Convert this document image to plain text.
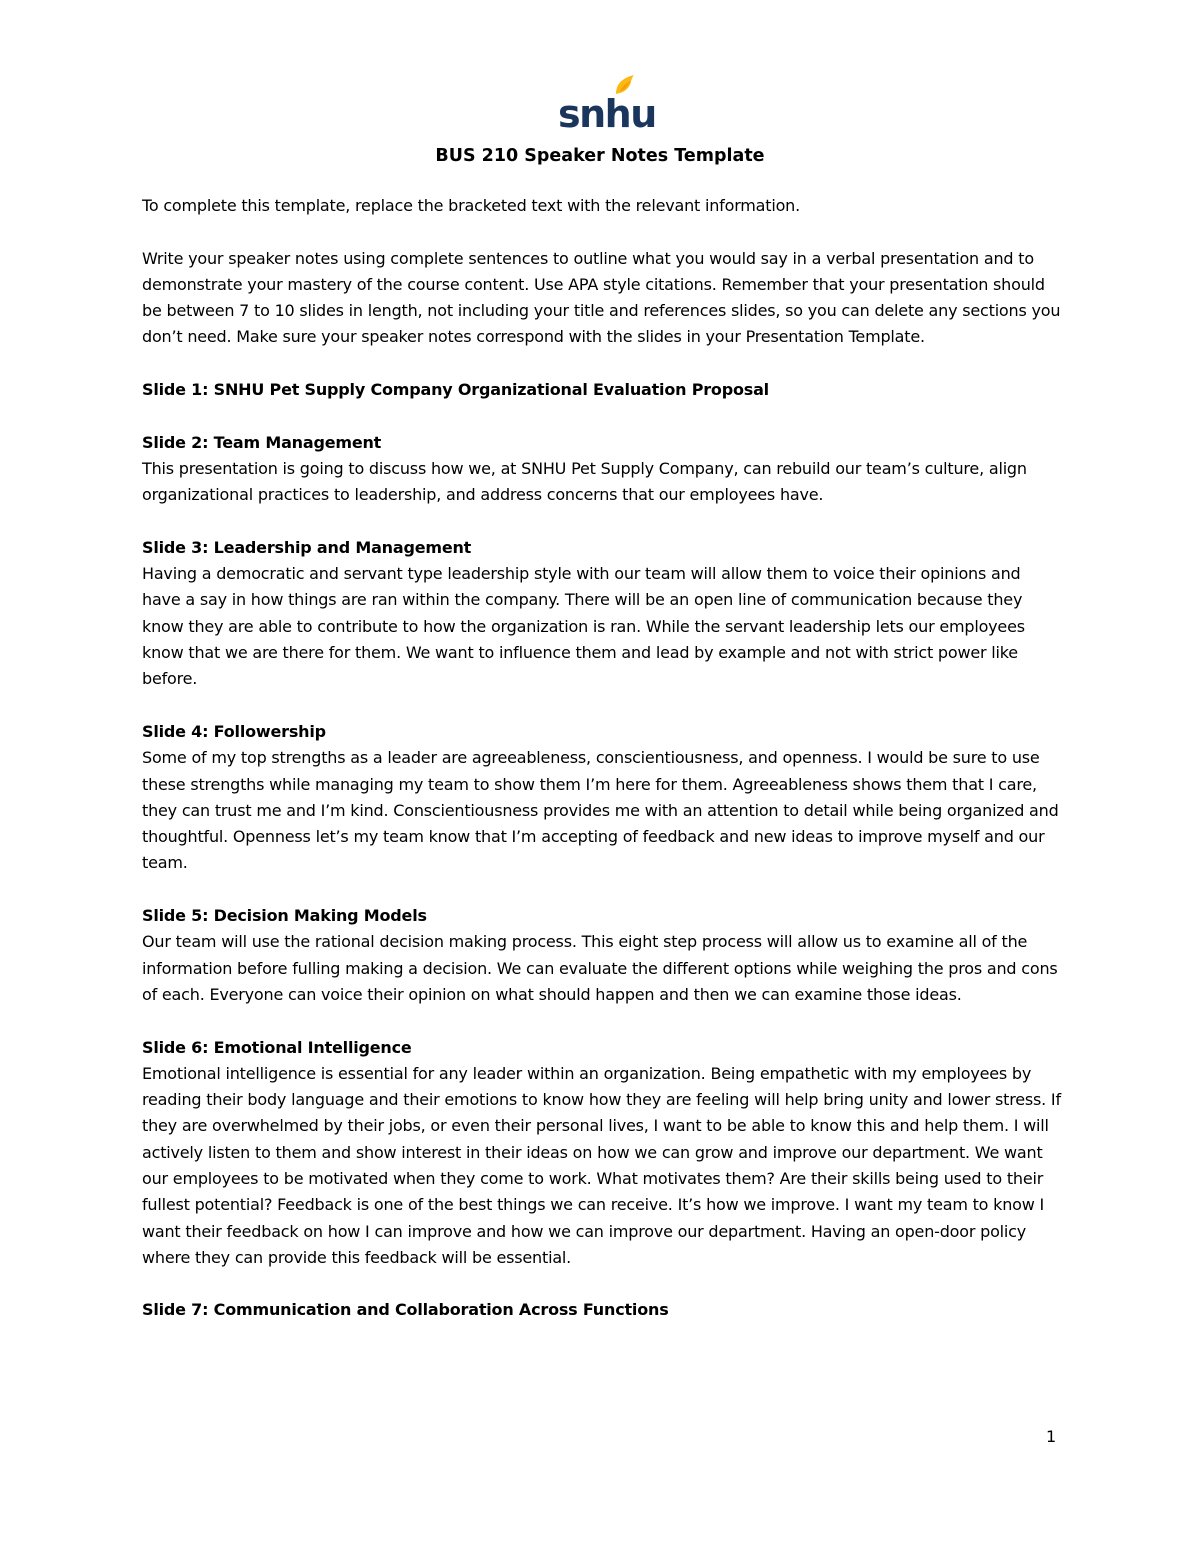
snhu
BUS 210 Speaker Notes Template

To complete this template, replace the bracketed text with the relevant information.

Write your speaker notes using complete sentences to outline what you would say in a verbal presentation and to demonstrate your mastery of the course content. Use APA style citations. Remember that your presentation should be between 7 to 10 slides in length, not including your title and references slides, so you can delete any sections you don’t need. Make sure your speaker notes correspond with the slides in your Presentation Template.

Slide 1: SNHU Pet Supply Company Organizational Evaluation Proposal
Slide 2: Team Management
This presentation is going to discuss how we, at SNHU Pet Supply Company, can rebuild our team’s culture, align organizational practices to leadership, and address concerns that our employees have.
Slide 3: Leadership and Management
Having a democratic and servant type leadership style with our team will allow them to voice their opinions and have a say in how things are ran within the company. There will be an open line of communication because they know they are able to contribute to how the organization is ran. While the servant leadership lets our employees know that we are there for them. We want to influence them and lead by example and not with strict power like before.
Slide 4: Followership
Some of my top strengths as a leader are agreeableness, conscientiousness, and openness. I would be sure to use these strengths while managing my team to show them I’m here for them. Agreeableness shows them that I care, they can trust me and I’m kind. Conscientiousness provides me with an attention to detail while being organized and thoughtful. Openness let’s my team know that I’m accepting of feedback and new ideas to improve myself and our team.
Slide 5: Decision Making Models
Our team will use the rational decision making process. This eight step process will allow us to examine all of the information before fulling making a decision. We can evaluate the different options while weighing the pros and cons of each. Everyone can voice their opinion on what should happen and then we can examine those ideas.
Slide 6: Emotional Intelligence
Emotional intelligence is essential for any leader within an organization. Being empathetic with my employees by reading their body language and their emotions to know how they are feeling will help bring unity and lower stress. If they are overwhelmed by their jobs, or even their personal lives, I want to be able to know this and help them. I will actively listen to them and show interest in their ideas on how we can grow and improve our department. We want our employees to be motivated when they come to work. What motivates them? Are their skills being used to their fullest potential? Feedback is one of the best things we can receive. It’s how we improve. I want my team to know I want their feedback on how I can improve and how we can improve our department. Having an open-door policy where they can provide this feedback will be essential.
Slide 7: Communication and Collaboration Across Functions
1
